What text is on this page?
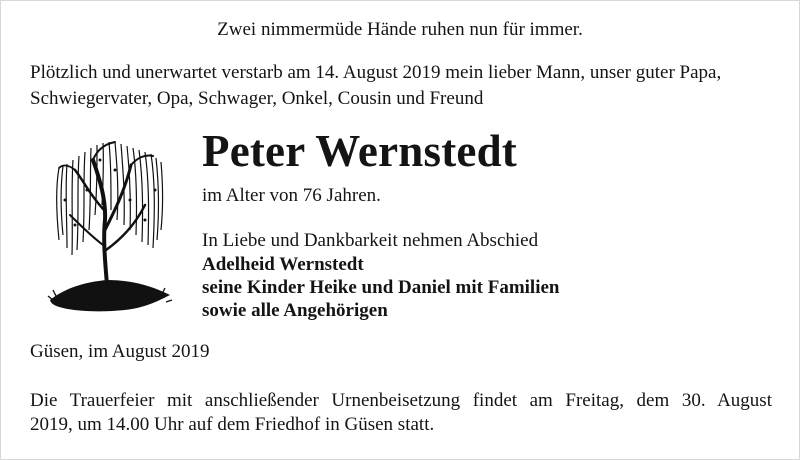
Zwei nimmermüde Hände ruhen nun für immer.
Plötzlich und unerwartet verstarb am 14. August 2019 mein lieber Mann, unser guter Papa,
Schwiegervater, Opa, Schwager, Onkel, Cousin und Freund
Peter Wernstedt
im Alter von 76 Jahren.
In Liebe und Dankbarkeit nehmen Abschied
Adelheid Wernstedt
seine Kinder Heike und Daniel mit Familien
sowie alle Angehörigen
Güsen, im August 2019
Die Trauerfeier mit anschließender Urnenbeisetzung findet am Freitag, dem 30. August
2019, um 14.00 Uhr auf dem Friedhof in Güsen statt.
